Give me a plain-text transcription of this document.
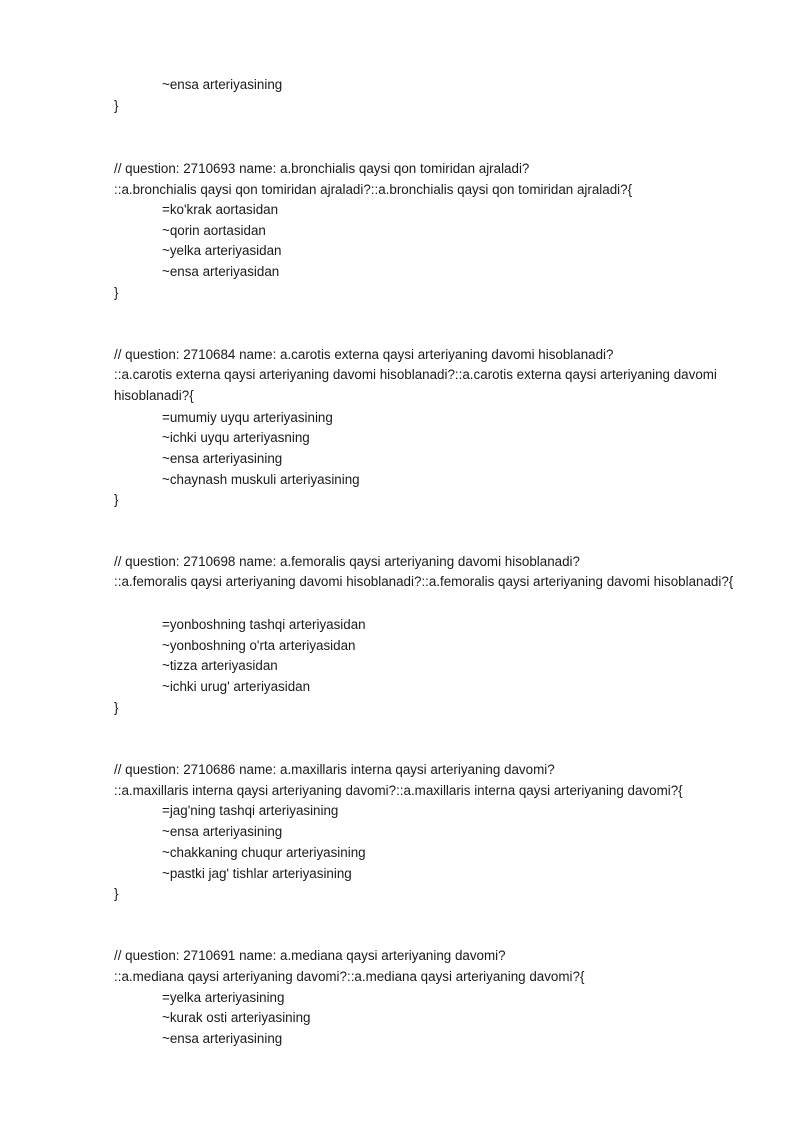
~ensa arteriyasining
}
// question: 2710693 name: a.bronchialis qaysi qon tomiridan ajraladi?
::a.bronchialis qaysi qon tomiridan ajraladi?::a.bronchialis qaysi qon tomiridan ajraladi?{
=ko'krak aortasidan
~qorin aortasidan
~yelka arteriyasidan
~ensa arteriyasidan
}
// question: 2710684 name: a.carotis externa qaysi arteriyaning davomi hisoblanadi?
::a.carotis externa qaysi arteriyaning davomi hisoblanadi?::a.carotis externa qaysi arteriyaning davomi hisoblanadi?{
=umumiy uyqu arteriyasining
~ichki uyqu arteriyasning
~ensa arteriyasining
~chaynash muskuli arteriyasining
}
// question: 2710698 name: a.femoralis qaysi arteriyaning davomi hisoblanadi?
::a.femoralis qaysi arteriyaning davomi hisoblanadi?::a.femoralis qaysi arteriyaning davomi hisoblanadi?{
=yonboshning tashqi arteriyasidan
~yonboshning o'rta arteriyasidan
~tizza arteriyasidan
~ichki urug' arteriyasidan
}
// question: 2710686 name: a.maxillaris interna qaysi arteriyaning davomi?
::a.maxillaris interna qaysi arteriyaning davomi?::a.maxillaris interna qaysi arteriyaning davomi?{
=jag'ning tashqi arteriyasining
~ensa arteriyasining
~chakkaning chuqur arteriyasining
~pastki jag' tishlar arteriyasining
}
// question: 2710691 name: a.mediana qaysi arteriyaning davomi?
::a.mediana qaysi arteriyaning davomi?::a.mediana qaysi arteriyaning davomi?{
=yelka arteriyasining
~kurak osti arteriyasining
~ensa arteriyasining
